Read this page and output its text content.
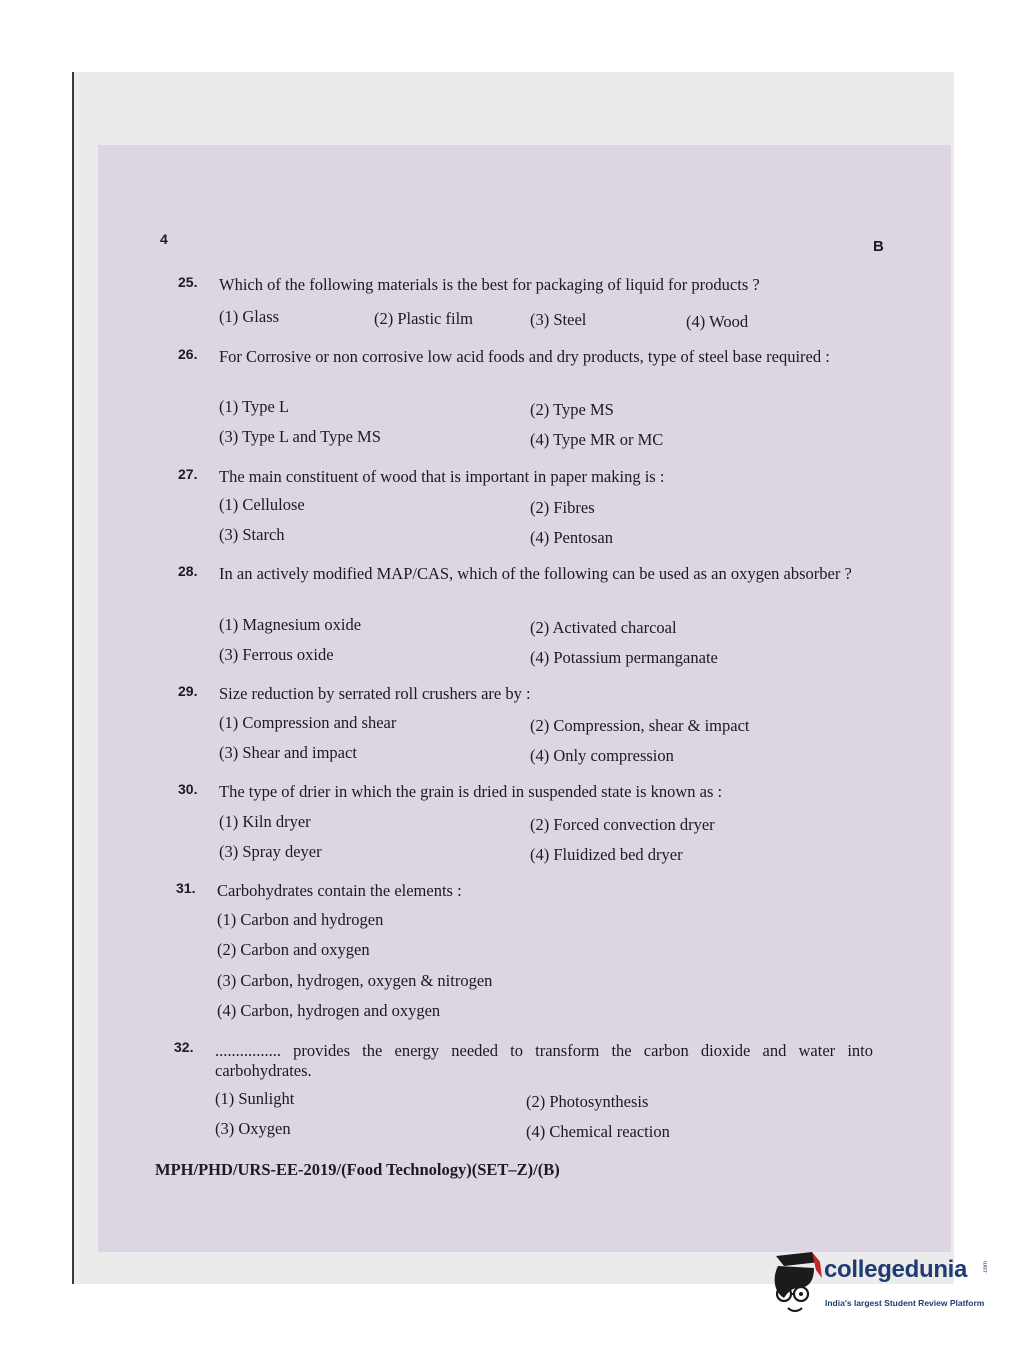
4	B
25. Which of the following materials is the best for packaging of liquid for products ?
(1) Glass	(2) Plastic film	(3) Steel	(4) Wood
26. For Corrosive or non corrosive low acid foods and dry products, type of steel base required :
(1) Type L	(2) Type MS
(3) Type L and Type MS	(4) Type MR or MC
27. The main constituent of wood that is important in paper making is :
(1) Cellulose	(2) Fibres
(3) Starch	(4) Pentosan
28. In an actively modified MAP/CAS, which of the following can be used as an oxygen absorber ?
(1) Magnesium oxide	(2) Activated charcoal
(3) Ferrous oxide	(4) Potassium permanganate
29. Size reduction by serrated roll crushers are by :
(1) Compression and shear	(2) Compression, shear & impact
(3) Shear and impact	(4) Only compression
30. The type of drier in which the grain is dried in suspended state is known as :
(1) Kiln dryer	(2) Forced convection dryer
(3) Spray deyer	(4) Fluidized bed dryer
31. Carbohydrates contain the elements :
(1) Carbon and hydrogen
(2) Carbon and oxygen
(3) Carbon, hydrogen, oxygen & nitrogen
(4) Carbon, hydrogen and oxygen
32. ................ provides the energy needed to transform the carbon dioxide and water into carbohydrates.
(1) Sunlight	(2) Photosynthesis
(3) Oxygen	(4) Chemical reaction
MPH/PHD/URS-EE-2019/(Food Technology)(SET–Z)/(B)
collegedunia	.com
India's largest Student Review Platform
